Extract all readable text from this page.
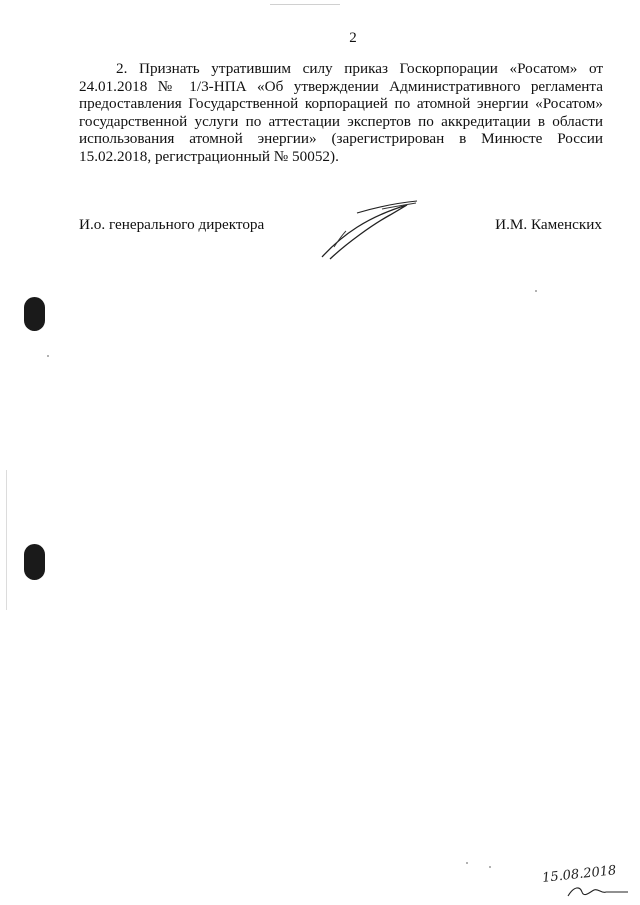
2
2. Признать утратившим силу приказ Госкорпорации «Росатом» от 24.01.2018 № 1/3-НПА «Об утверждении Административного регламента предоставления Государственной корпорацией по атомной энергии «Росатом» государственной услуги по аттестации экспертов по аккредитации в области использования атомной энергии» (зарегистрирован в Минюсте России 15.02.2018, регистрационный № 50052).
И.о. генерального директора	И.М. Каменских
15.08.2018
